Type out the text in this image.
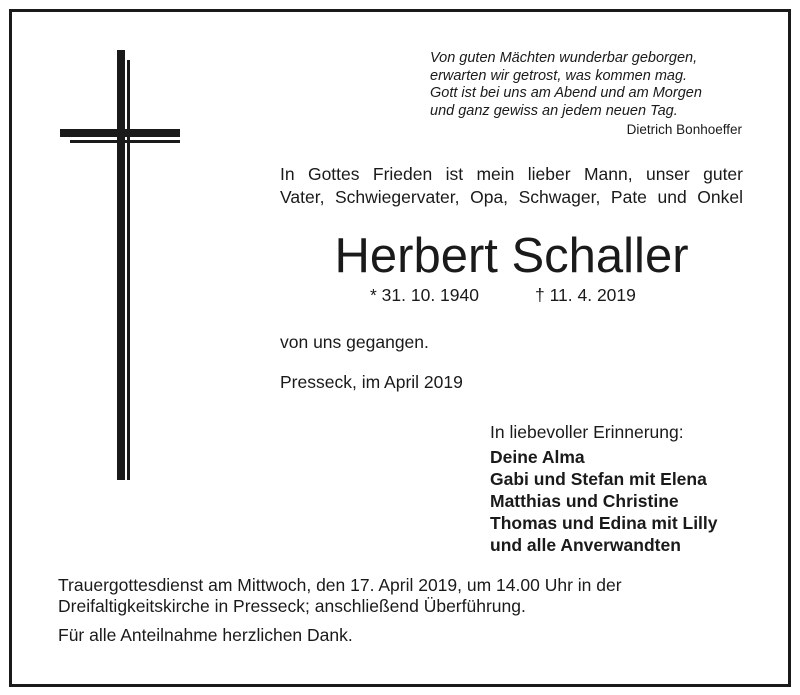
Von guten Mächten wunderbar geborgen,
erwarten wir getrost, was kommen mag.
Gott ist bei uns am Abend und am Morgen
und ganz gewiss an jedem neuen Tag.
Dietrich Bonhoeffer
In Gottes Frieden ist mein lieber Mann, unser guter
Vater, Schwiegervater, Opa, Schwager, Pate und Onkel
Herbert Schaller
* 31. 10. 1940	† 11. 4. 2019
von uns gegangen.
Presseck, im April 2019
In liebevoller Erinnerung:
Deine Alma
Gabi und Stefan mit Elena
Matthias und Christine
Thomas und Edina mit Lilly
und alle Anverwandten
Trauergottesdienst am Mittwoch, den 17. April 2019, um 14.00 Uhr in der
Dreifaltigkeitskirche in Presseck; anschließend Überführung.
Für alle Anteilnahme herzlichen Dank.
